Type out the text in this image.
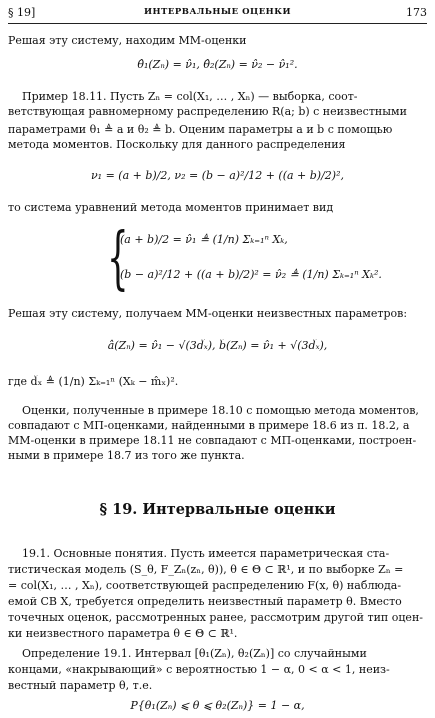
§ 19]	ИНТЕРВАЛЬНЫЕ ОЦЕНКИ	173
Решая эту систему, находим ММ-оценки
θ̂₁(Zₙ) = ν̂₁, θ̂₂(Zₙ) = ν̂₂ − ν̂₁².
Пример 18.11. Пусть Zₙ = col(X₁, … , Xₙ) — выборка, соот-
ветствующая равномерному распределению R(a; b) с неизвестными
параметрами θ₁ ≜ a и θ₂ ≜ b. Оценим параметры a и b с помощью
метода моментов. Поскольку для данного распределения
ν₁ = (a + b)/2, ν₂ = (b − a)²/12 + ((a + b)/2)²,
то система уравнений метода моментов принимает вид
{
(a + b)/2 = ν̂₁ ≜ (1/n) Σₖ₌₁ⁿ Xₖ,
(b − a)²/12 + ((a + b)/2)² = ν̂₂ ≜ (1/n) Σₖ₌₁ⁿ Xₖ².
Решая эту систему, получаем ММ-оценки неизвестных параметров:
â(Zₙ) = ν̂₁ − √(3d̂ₓ), b̂(Zₙ) = ν̂₁ + √(3d̂ₓ),
где d̂ₓ ≜ (1/n) Σₖ₌₁ⁿ (Xₖ − m̂ₓ)².
Оценки, полученные в примере 18.10 с помощью метода моментов,
совпадают с МП-оценками, найденными в примере 18.6 из п. 18.2, а
ММ-оценки в примере 18.11 не совпадают с МП-оценками, построен-
ными в примере 18.7 из того же пункта.
§ 19. Интервальные оценки
19.1. Основные понятия. Пусть имеется параметрическая ста-
тистическая модель (S_θ, F_Zₙ(zₙ, θ)), θ ∈ Θ ⊂ ℝ¹, и по выборке Zₙ =
= col(X₁, … , Xₙ), соответствующей распределению F(x, θ) наблюда-
емой СВ X, требуется определить неизвестный параметр θ. Вместо
точечных оценок, рассмотренных ранее, рассмотрим другой тип оцен-
ки неизвестного параметра θ ∈ Θ ⊂ ℝ¹.
Определение 19.1. Интервал [θ₁(Zₙ), θ₂(Zₙ)] со случайными
концами, «накрывающий» с вероятностью 1 − α, 0 < α < 1, неиз-
вестный параметр θ, т.е.
P{θ₁(Zₙ) ⩽ θ ⩽ θ₂(Zₙ)} = 1 − α,
